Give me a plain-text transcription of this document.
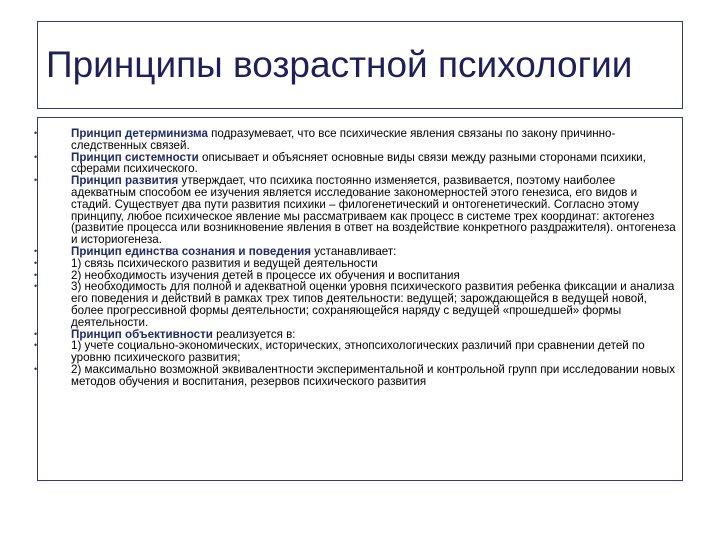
Принципы возрастной психологии
•	Принцип детерминизма подразумевает, что все психические явления связаны по закону причинно-следственных связей.
•	Принцип системности описывает и объясняет основные виды связи между разными сторонами психики, сферами психического.
•	Принцип развития утверждает, что психика постоянно изменяется, развивается, поэтому наиболее адекватным способом ее изучения является исследование закономерностей этого генезиса, его видов и стадий. Существует два пути развития психики – филогенетический и онтогенетический. Согласно этому принципу, любое психическое явление мы рассматриваем как процесс в системе трех координат: актогенез (развитие процесса или возникновение явления в ответ на воздействие конкретного раздражителя). онтогенеза и историогенеза.
•	Принцип единства сознания и поведения устанавливает:
•	1) связь психического развития и ведущей деятельности
•	2) необходимость изучения детей в процессе их обучения и воспитания
•	3) необходимость для полной и адекватной оценки уровня психического развития ребенка фиксации и анализа его поведения и действий в рамках трех типов деятельности: ведущей; зарождающейся в ведущей новой, более прогрессивной формы деятельности; сохраняющейся наряду с ведущей «прошедшей» формы деятельности.
•	Принцип объективности реализуется в:
•	1) учете социально-экономических, исторических, этнопсихологических различий при сравнении детей по уровню психического развития;
•	2) максимально возможной эквивалентности экспериментальной и контрольной групп при исследовании новых методов обучения и воспитания, резервов психического развития
